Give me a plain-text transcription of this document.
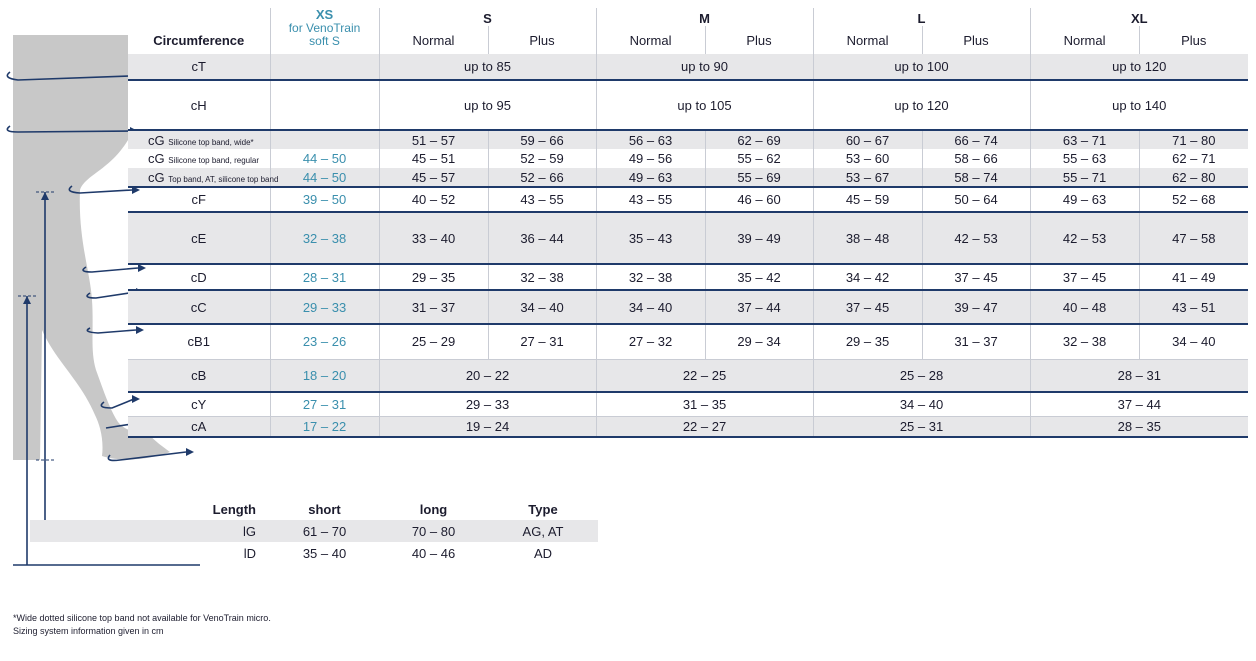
Circumference	XS
for VenoTrain
soft S	S		M		L		XL	
		Normal	Plus	Normal	Plus	Normal	Plus	Normal	Plus
cT		up to 85		up to 90		up to 100		up to 120	
cH		up to 95		up to 105		up to 120		up to 140	
cG Silicone top band, wide*		51 – 57	59 – 66	56 – 63	62 – 69	60 – 67	66 – 74	63 – 71	71 – 80
cG Silicone top band, regular	44 – 50	45 – 51	52 – 59	49 – 56	55 – 62	53 – 60	58 – 66	55 – 63	62 – 71
cG Top band, AT, silicone top band	44 – 50	45 – 57	52 – 66	49 – 63	55 – 69	53 – 67	58 – 74	55 – 71	62 – 80
cF	39 – 50	40 – 52	43 – 55	43 – 55	46 – 60	45 – 59	50 – 64	49 – 63	52 – 68
cE	32 – 38	33 – 40	36 – 44	35 – 43	39 – 49	38 – 48	42 – 53	42 – 53	47 – 58
cD	28 – 31	29 – 35	32 – 38	32 – 38	35 – 42	34 – 42	37 – 45	37 – 45	41 – 49
cC	29 – 33	31 – 37	34 – 40	34 – 40	37 – 44	37 – 45	39 – 47	40 – 48	43 – 51
cB1	23 – 26	25 – 29	27 – 31	27 – 32	29 – 34	29 – 35	31 – 37	32 – 38	34 – 40
cB	18 – 20	20 – 22		22 – 25		25 – 28		28 – 31	
cY	27 – 31	29 – 33		31 – 35		34 – 40		37 – 44	
cA	17 – 22	19 – 24		22 – 27		25 – 31		28 – 35	
Length	short	long	Type
lG	61 – 70	70 – 80	AG, AT
lD	35 – 40	40 – 46	AD
*Wide dotted silicone top band not available for VenoTrain micro.
Sizing system information given in cm
